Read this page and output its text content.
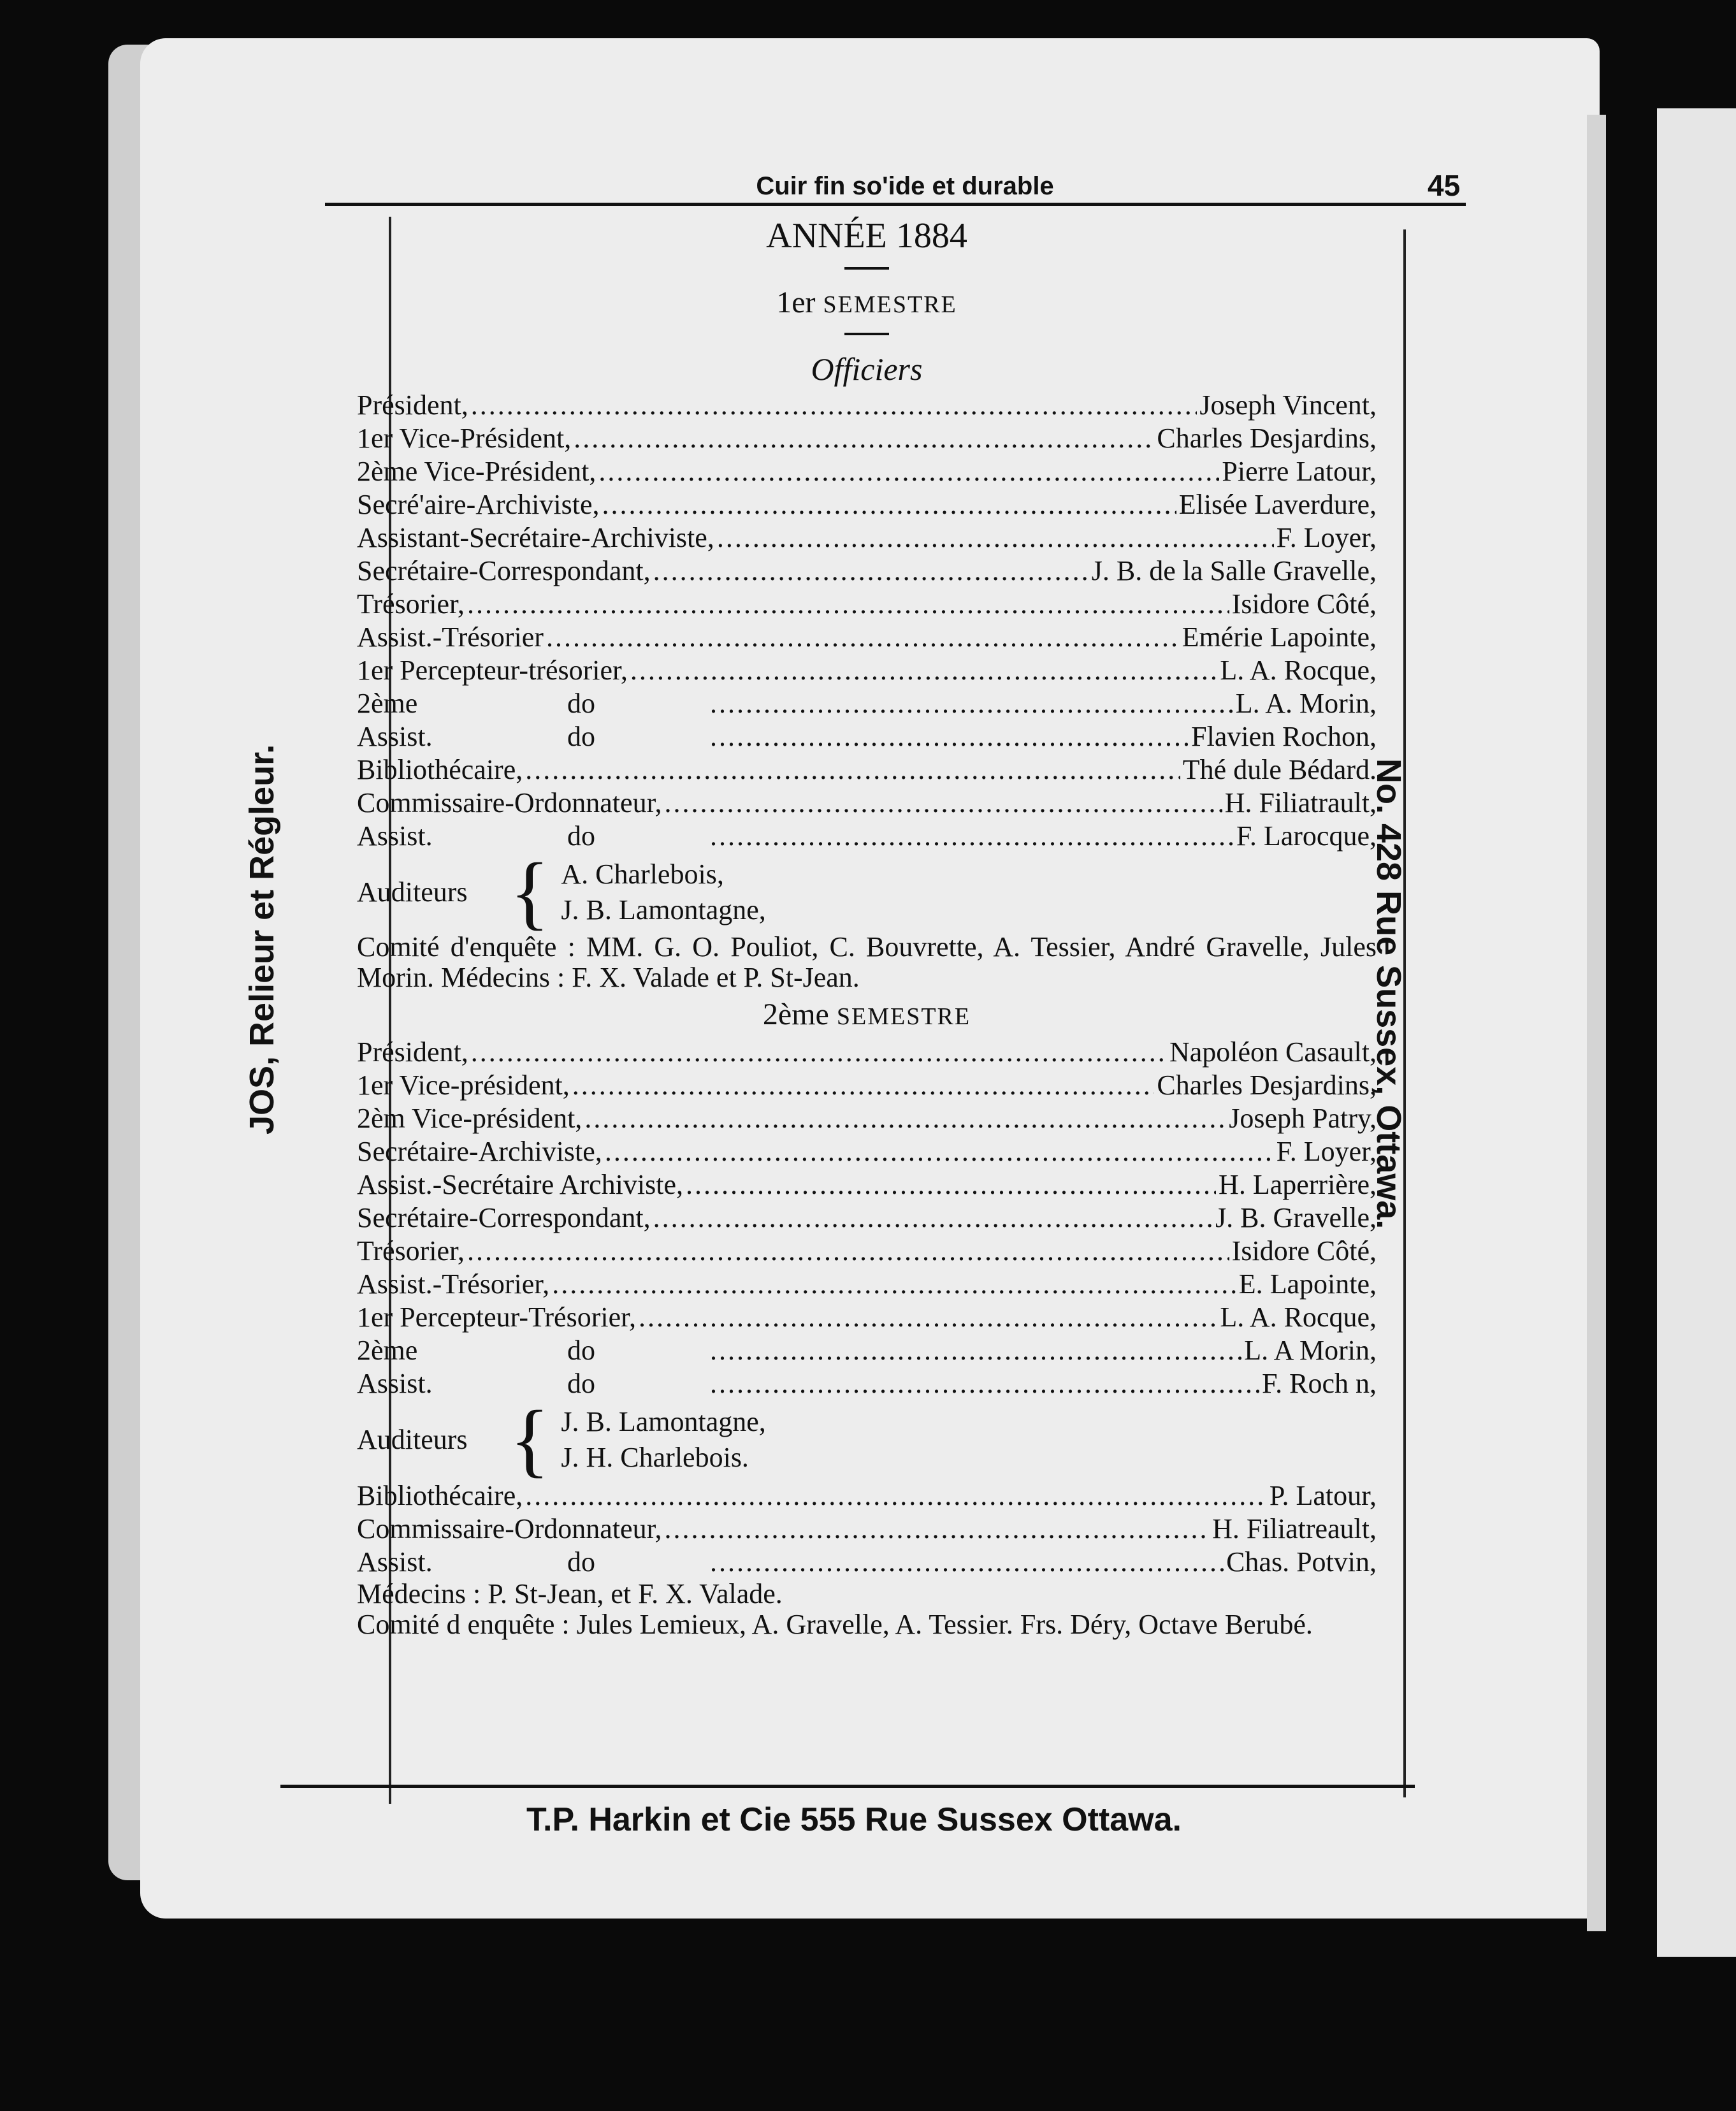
Cuir fin so'ide et durable	45
JOS, Relieur et Régleur.	No. 428 Rue Sussex, Ottawa.
ANNÉE 1884
1er SEMESTRE
Officiers
Président, .....	Joseph Vincent,
1er Vice-Président, .....	Charles Desjardins,
2ème Vice-Président, .....	Pierre Latour,
Secré'aire-Archiviste, .....	Elisée Laverdure,
Assistant-Secrétaire-Archiviste, .....	F. Loyer,
Secrétaire-Correspondant, .....	J. B. de la Salle Gravelle,
Trésorier, .....	Isidore Côté,
Assist.-Trésorier .....	Emérie Lapointe,
1er Percepteur-trésorier, .....	L. A. Rocque,
2ème	do .....	L. A. Morin,
Assist.	do .....	Flavien Rochon,
Bibliothécaire, .....	Thé dule Bédard.
Commissaire-Ordonnateur, .....	H. Filiatrault,
Assist.	do .....	F. Larocque,
Auditeurs { A. Charlebois,
J. B. Lamontagne,
Comité d'enquête : MM. G. O. Pouliot, C. Bouvrette, A. Tessier, André Gravelle, Jules Morin. Médecins : F. X. Valade et P. St-Jean.
2ème SEMESTRE
Président, .....	Napoléon Casault,
1er Vice-président, .....	Charles Desjardins,
2èm Vice-président, .....	Joseph Patry,
Secrétaire-Archiviste, .....	F. Loyer,
Assist.-Secrétaire Archiviste, .....	H. Laperrière,
Secrétaire-Correspondant, .....	J. B. Gravelle,
Trésorier, .....	Isidore Côté,
Assist.-Trésorier, .....	E. Lapointe,
1er Percepteur-Trésorier, .....	L. A. Rocque,
2ème	do .....	L. A Morin,
Assist.	do .....	F. Roch n,
Auditeurs { J. B. Lamontagne,
J. H. Charlebois.
Bibliothécaire, .....	P. Latour,
Commissaire-Ordonnateur, .....	H. Filiatreault,
Assist.	do .....	Chas. Potvin,
Médecins : P. St-Jean, et F. X. Valade.
Comité d enquête : Jules Lemieux, A. Gravelle, A. Tessier. Frs. Déry, Octave Berubé.
T.P. Harkin et Cie 555 Rue Sussex Ottawa.
